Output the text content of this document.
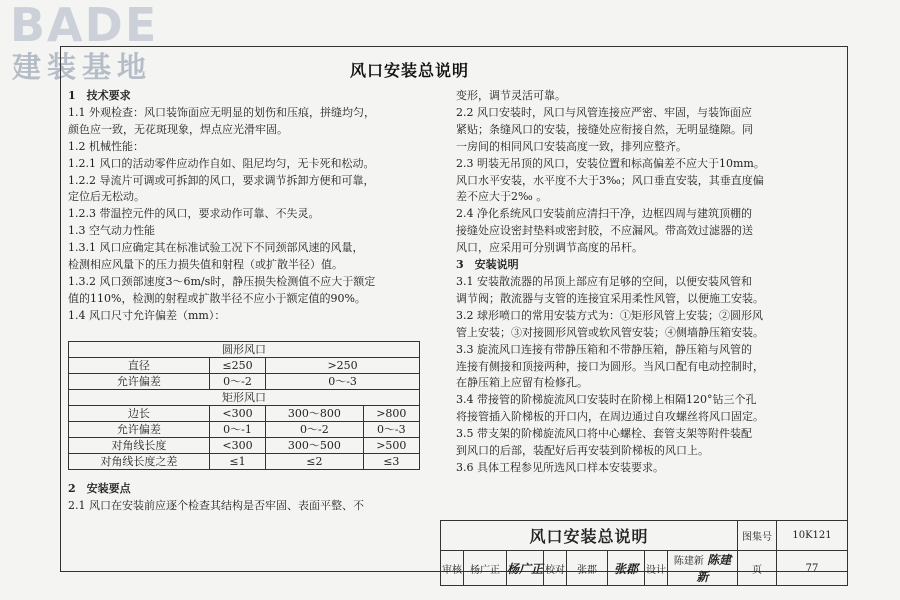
BADE
建装基地	风口安装总说明

1　技术要求

1.1 外观检查：风口装饰面应无明显的划伤和压痕，拼缝均匀，

颜色应一致，无花斑现象，焊点应光滑牢固。

1.2 机械性能：

1.2.1 风口的活动零件应动作自如、阻尼均匀，无卡死和松动。

1.2.2 导流片可调或可拆卸的风口，要求调节拆卸方便和可靠，

定位后无松动。

1.2.3 带温控元件的风口，要求动作可靠、不失灵。

1.3 空气动力性能

1.3.1 风口应确定其在标准试验工况下不同颈部风速的风量，

检测相应风量下的压力损失值和射程（或扩散半径）值。

1.3.2 风口颈部速度3～6m/s时，静压损失检测值不应大于额定

值的110%，检测的射程或扩散半径不应小于额定值的90%。

1.4 风口尺寸允许偏差（mm）：

圆形风口			
直径	≤250	>250	
允许偏差	0～-2	0～-3	
矩形风口			
边长	<300	300～800	>800
允许偏差	0～-1	0～-2	0～-3
对角线长度	<300	300～500	>500
对角线长度之差	≤1	≤2	≤3

2　安装要点

2.1 风口在安装前应逐个检查其结构是否牢固、表面平整、不

变形，调节灵活可靠。

2.2 风口安装时，风口与风管连接应严密、牢固，与装饰面应

紧贴；条缝风口的安装，接缝处应衔接自然，无明显缝隙。同

一房间的相同风口安装高度一致，排列应整齐。

2.3 明装无吊顶的风口，安装位置和标高偏差不应大于10mm。

风口水平安装，水平度不大于3‰；风口垂直安装，其垂直度偏

差不应大于2‰ 。

2.4 净化系统风口安装前应清扫干净，边框四周与建筑顶棚的

接缝处应设密封垫料或密封胶，不应漏风。带高效过滤器的送

风口，应采用可分别调节高度的吊杆。

3　安装说明

3.1 安装散流器的吊顶上部应有足够的空间，以便安装风管和

调节阀；散流器与支管的连接宜采用柔性风管，以便施工安装。

3.2 球形喷口的常用安装方式为：①矩形风管上安装；②圆形风

管上安装；③对接圆形风管或软风管安装；④侧墙静压箱安装。

3.3 旋流风口连接有带静压箱和不带静压箱，静压箱与风管的

连接有侧接和顶接两种，接口为圆形。当风口配有电动控制时，

在静压箱上应留有检修孔。

3.4 带接管的阶梯旋流风口安装时在阶梯上相隔120°钻三个孔

将接管插入阶梯板的开口内，在周边通过自攻螺丝将风口固定。

3.5 带支架的阶梯旋流风口将中心螺栓、套管支架等附件装配

到风口的后部，装配好后再安装到阶梯板的风口上。

3.6 具体工程参见所选风口样本安装要求。

风口安装总说明								图集号	10K121
审核	杨广正	杨广正	校对	张郡	张郡	设计	陈建新 陈建新	页	77
